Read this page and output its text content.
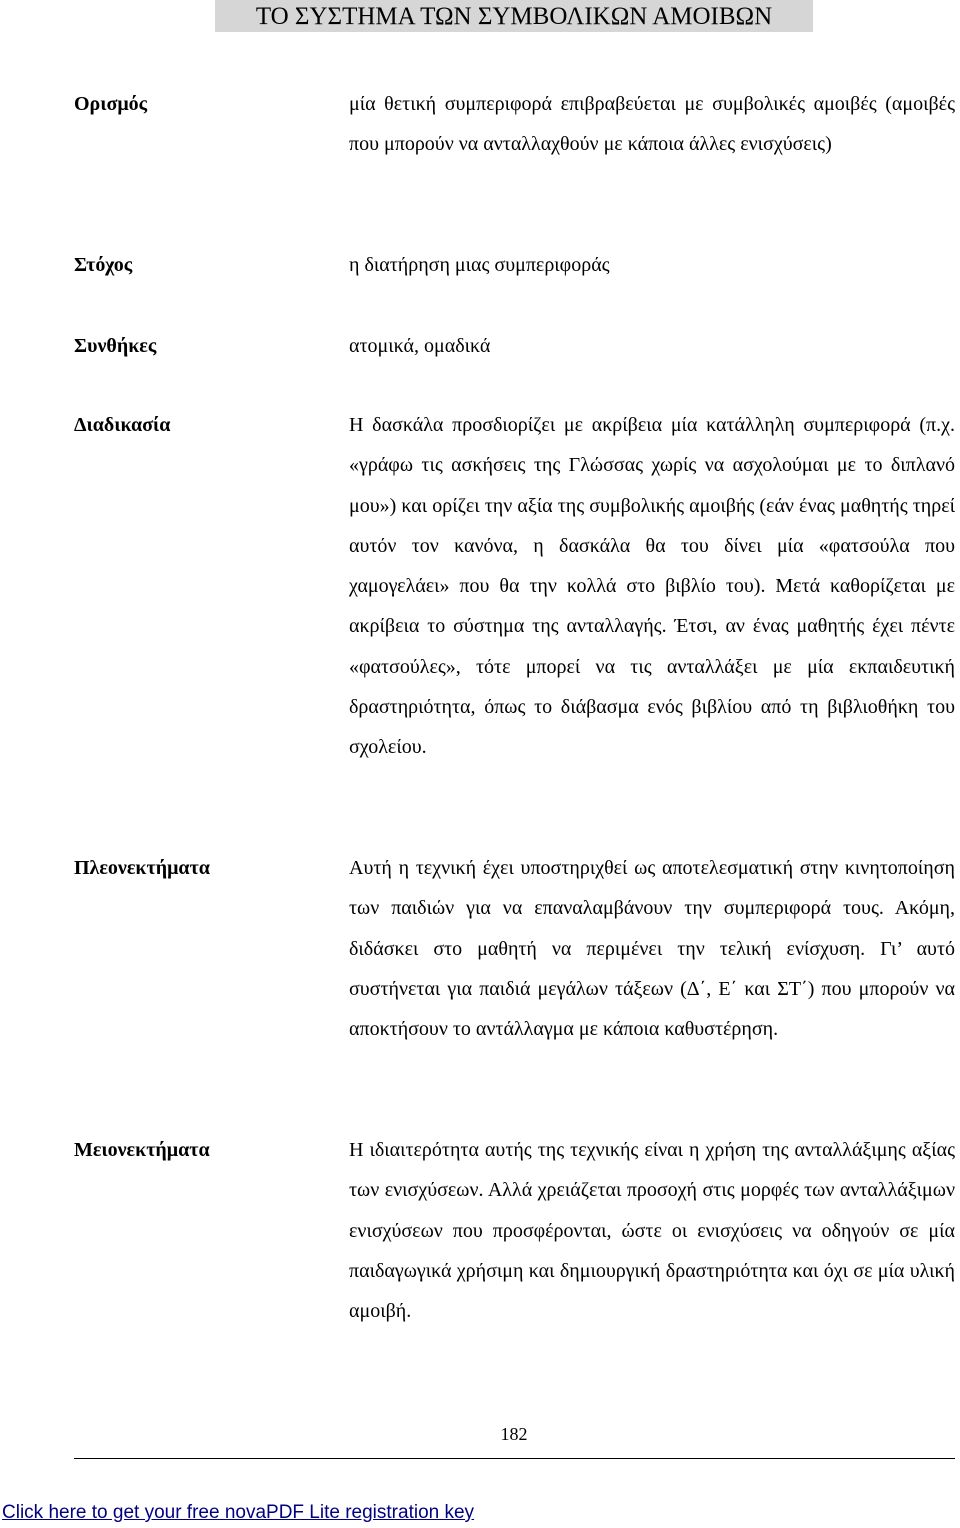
ΤΟ ΣΥΣΤΗΜΑ ΤΩΝ ΣΥΜΒΟΛΙΚΩΝ ΑΜΟΙΒΩΝ
Ορισμός	μία θετική συμπεριφορά επιβραβεύεται με συμβολικές αμοιβές (αμοιβές που μπορούν να ανταλλαχθούν με κάποια άλλες ενισχύσεις)
Στόχος	η διατήρηση μιας συμπεριφοράς
Συνθήκες	ατομικά, ομαδικά
Διαδικασία	Η δασκάλα προσδιορίζει με ακρίβεια μία κατάλληλη συμπεριφορά (π.χ. «γράφω τις ασκήσεις της Γλώσσας χωρίς να ασχολούμαι με το διπλανό μου») και ορίζει την αξία της συμβολικής αμοιβής (εάν ένας μαθητής τηρεί αυτόν τον κανόνα, η δασκάλα θα του δίνει μία «φατσούλα που χαμογελάει» που θα την κολλά στο βιβλίο του). Μετά καθορίζεται με ακρίβεια το σύστημα της ανταλλαγής. Έτσι, αν ένας μαθητής έχει πέντε «φατσούλες», τότε μπορεί να τις ανταλλάξει με μία εκπαιδευτική δραστηριότητα, όπως το διάβασμα ενός βιβλίου από τη βιβλιοθήκη του σχολείου.
Πλεονεκτήματα	Αυτή η τεχνική έχει υποστηριχθεί ως αποτελεσματική στην κινητοποίηση των παιδιών για να επαναλαμβάνουν την συμπεριφορά τους. Ακόμη, διδάσκει στο μαθητή να περιμένει την τελική ενίσχυση. Γι’ αυτό συστήνεται για παιδιά μεγάλων τάξεων (Δ΄, Ε΄ και ΣΤ΄) που μπορούν να αποκτήσουν το αντάλλαγμα με κάποια καθυστέρηση.
Μειονεκτήματα	Η ιδιαιτερότητα αυτής της τεχνικής είναι η χρήση της ανταλλάξιμης αξίας των ενισχύσεων. Αλλά χρειάζεται προσοχή στις μορφές των ανταλλάξιμων ενισχύσεων που προσφέρονται, ώστε οι ενισχύσεις να οδηγούν σε μία παιδαγωγικά χρήσιμη και δημιουργική δραστηριότητα και όχι σε μία υλική αμοιβή.
182
Click here to get your free novaPDF Lite registration key
